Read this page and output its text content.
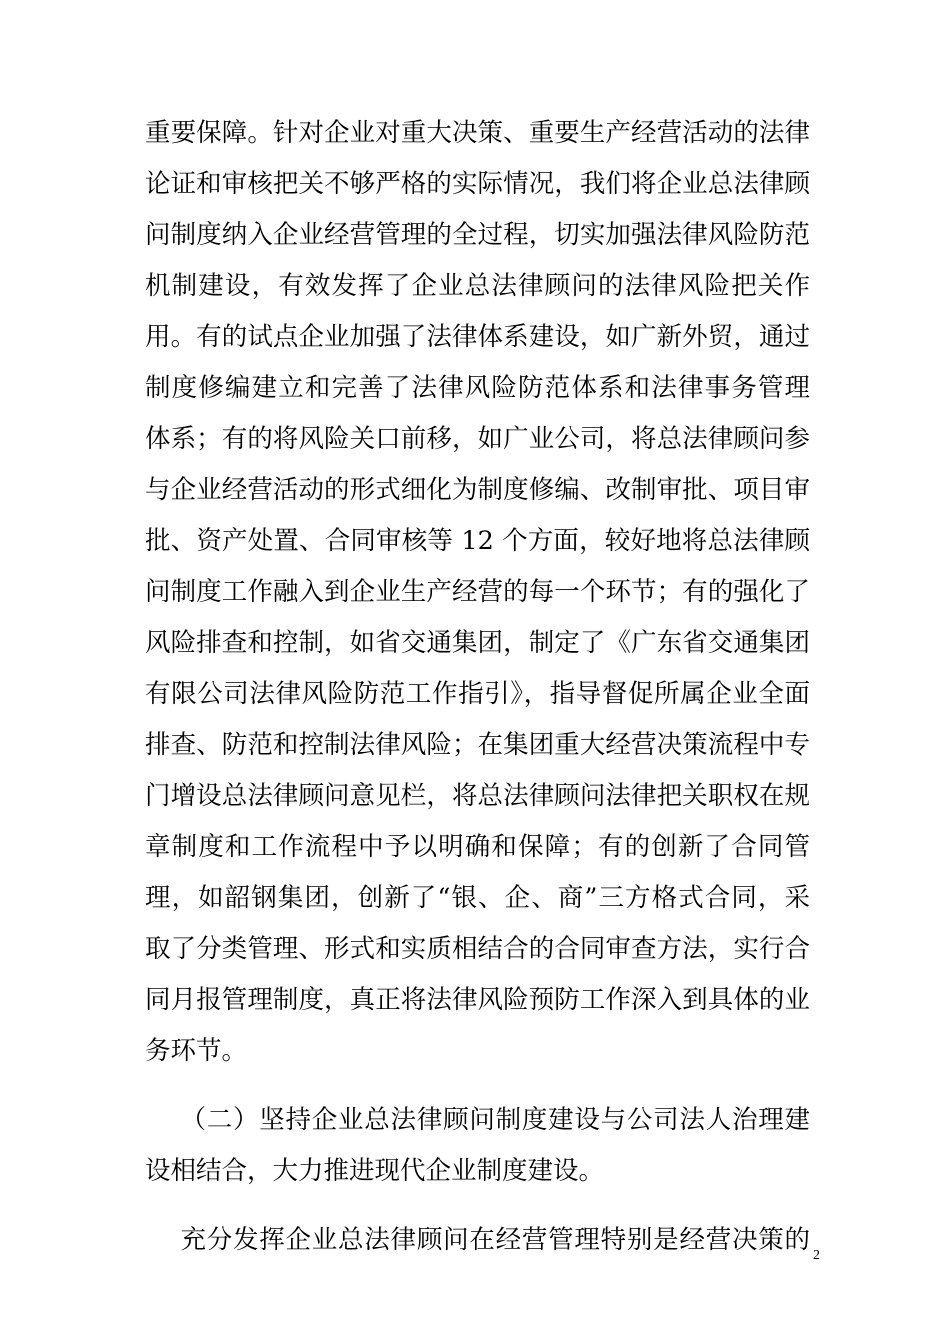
重要保障。针对企业对重大决策、重要生产经营活动的法律
论证和审核把关不够严格的实际情况，我们将企业总法律顾
问制度纳入企业经营管理的全过程，切实加强法律风险防范
机制建设，有效发挥了企业总法律顾问的法律风险把关作
用。有的试点企业加强了法律体系建设，如广新外贸，通过
制度修编建立和完善了法律风险防范体系和法律事务管理
体系；有的将风险关口前移，如广业公司，将总法律顾问参
与企业经营活动的形式细化为制度修编、改制审批、项目审
批、资产处置、合同审核等 12 个方面，较好地将总法律顾
问制度工作融入到企业生产经营的每一个环节；有的强化了
风险排查和控制，如省交通集团，制定了《广东省交通集团
有限公司法律风险防范工作指引》，指导督促所属企业全面
排查、防范和控制法律风险；在集团重大经营决策流程中专
门增设总法律顾问意见栏，将总法律顾问法律把关职权在规
章制度和工作流程中予以明确和保障；有的创新了合同管
理，如韶钢集团，创新了“银、企、商”三方格式合同，采
取了分类管理、形式和实质相结合的合同审查方法，实行合
同月报管理制度，真正将法律风险预防工作深入到具体的业
务环节。
（二）坚持企业总法律顾问制度建设与公司法人治理建
设相结合，大力推进现代企业制度建设。
充分发挥企业总法律顾问在经营管理特别是经营决策的
2
